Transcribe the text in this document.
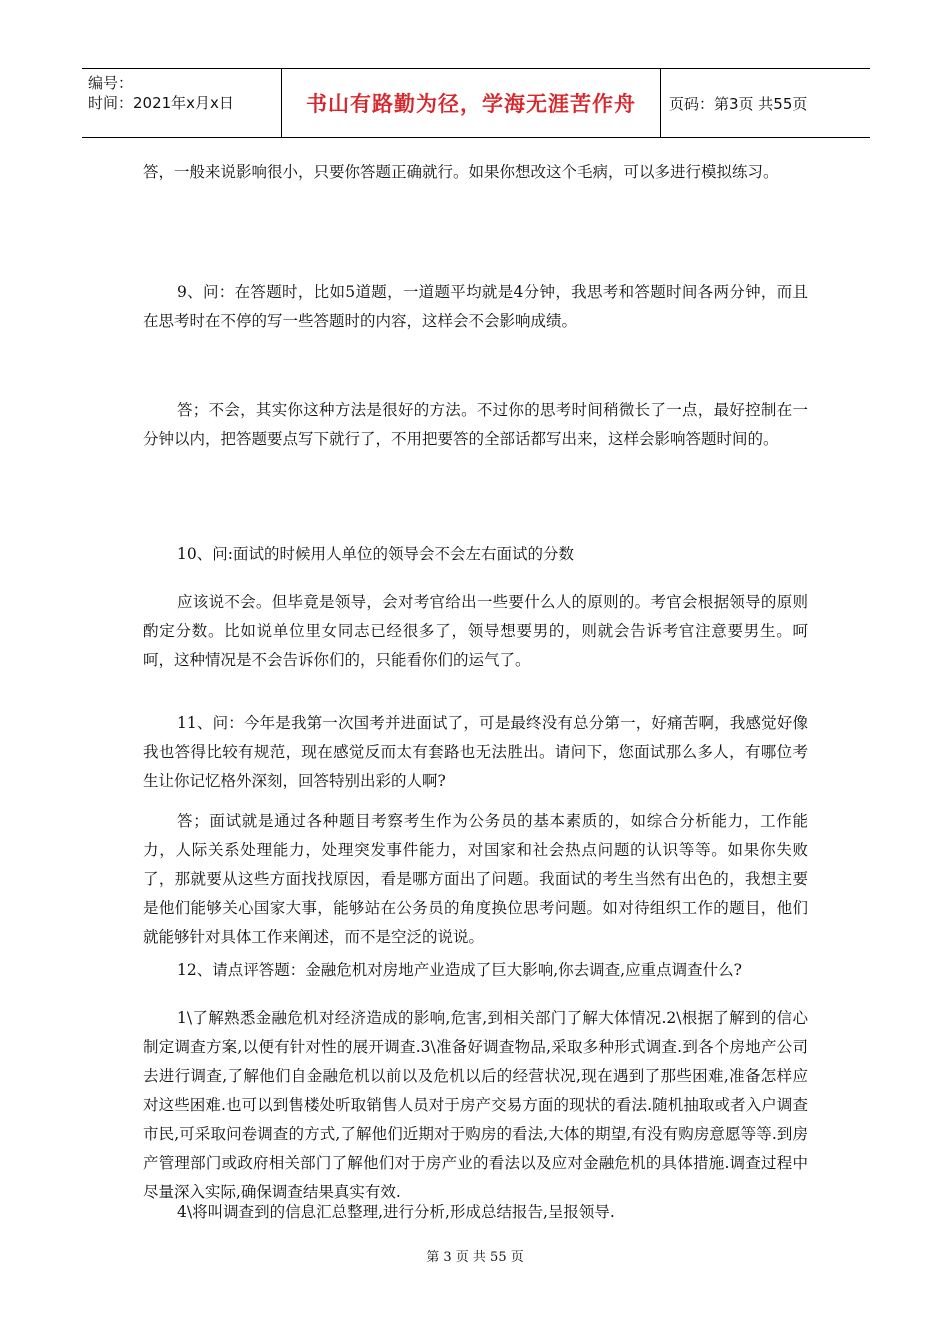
编号：
时间：2021年x月x日	书山有路勤为径，学海无涯苦作舟	页码：第3页 共55页

答，一般来说影响很小，只要你答题正确就行。如果你想改这个毛病，可以多进行模拟练习。

9、问：在答题时，比如5道题，一道题平均就是4分钟，我思考和答题时间各两分钟，而且在思考时在不停的写一些答题时的内容，这样会不会影响成绩。

答；不会，其实你这种方法是很好的方法。不过你的思考时间稍微长了一点，最好控制在一分钟以内，把答题要点写下就行了，不用把要答的全部话都写出来，这样会影响答题时间的。

10、问:面试的时候用人单位的领导会不会左右面试的分数

应该说不会。但毕竟是领导，会对考官给出一些要什么人的原则的。考官会根据领导的原则酌定分数。比如说单位里女同志已经很多了，领导想要男的，则就会告诉考官注意要男生。呵呵，这种情况是不会告诉你们的，只能看你们的运气了。

11、问：今年是我第一次国考并进面试了，可是最终没有总分第一，好痛苦啊，我感觉好像我也答得比较有规范，现在感觉反而太有套路也无法胜出。请问下，您面试那么多人，有哪位考生让你记忆格外深刻，回答特别出彩的人啊?

答；面试就是通过各种题目考察考生作为公务员的基本素质的，如综合分析能力，工作能力，人际关系处理能力，处理突发事件能力，对国家和社会热点问题的认识等等。如果你失败了，那就要从这些方面找找原因，看是哪方面出了问题。我面试的考生当然有出色的，我想主要是他们能够关心国家大事，能够站在公务员的角度换位思考问题。如对待组织工作的题目，他们就能够针对具体工作来阐述，而不是空泛的说说。

12、请点评答题：金融危机对房地产业造成了巨大影响,你去调查,应重点调查什么?

1\了解熟悉金融危机对经济造成的影响,危害,到相关部门了解大体情况.2\根据了解到的信心制定调查方案,以便有针对性的展开调查.3\准备好调查物品,采取多种形式调查.到各个房地产公司去进行调查,了解他们自金融危机以前以及危机以后的经营状况,现在遇到了那些困难,准备怎样应对这些困难.也可以到售楼处听取销售人员对于房产交易方面的现状的看法.随机抽取或者入户调查市民,可采取问卷调查的方式,了解他们近期对于购房的看法,大体的期望,有没有购房意愿等等.到房产管理部门或政府相关部门了解他们对于房产业的看法以及应对金融危机的具体措施.调查过程中尽量深入实际,确保调查结果真实有效.

4\将叫调查到的信息汇总整理,进行分析,形成总结报告,呈报领导.

第 3 页 共 55 页
